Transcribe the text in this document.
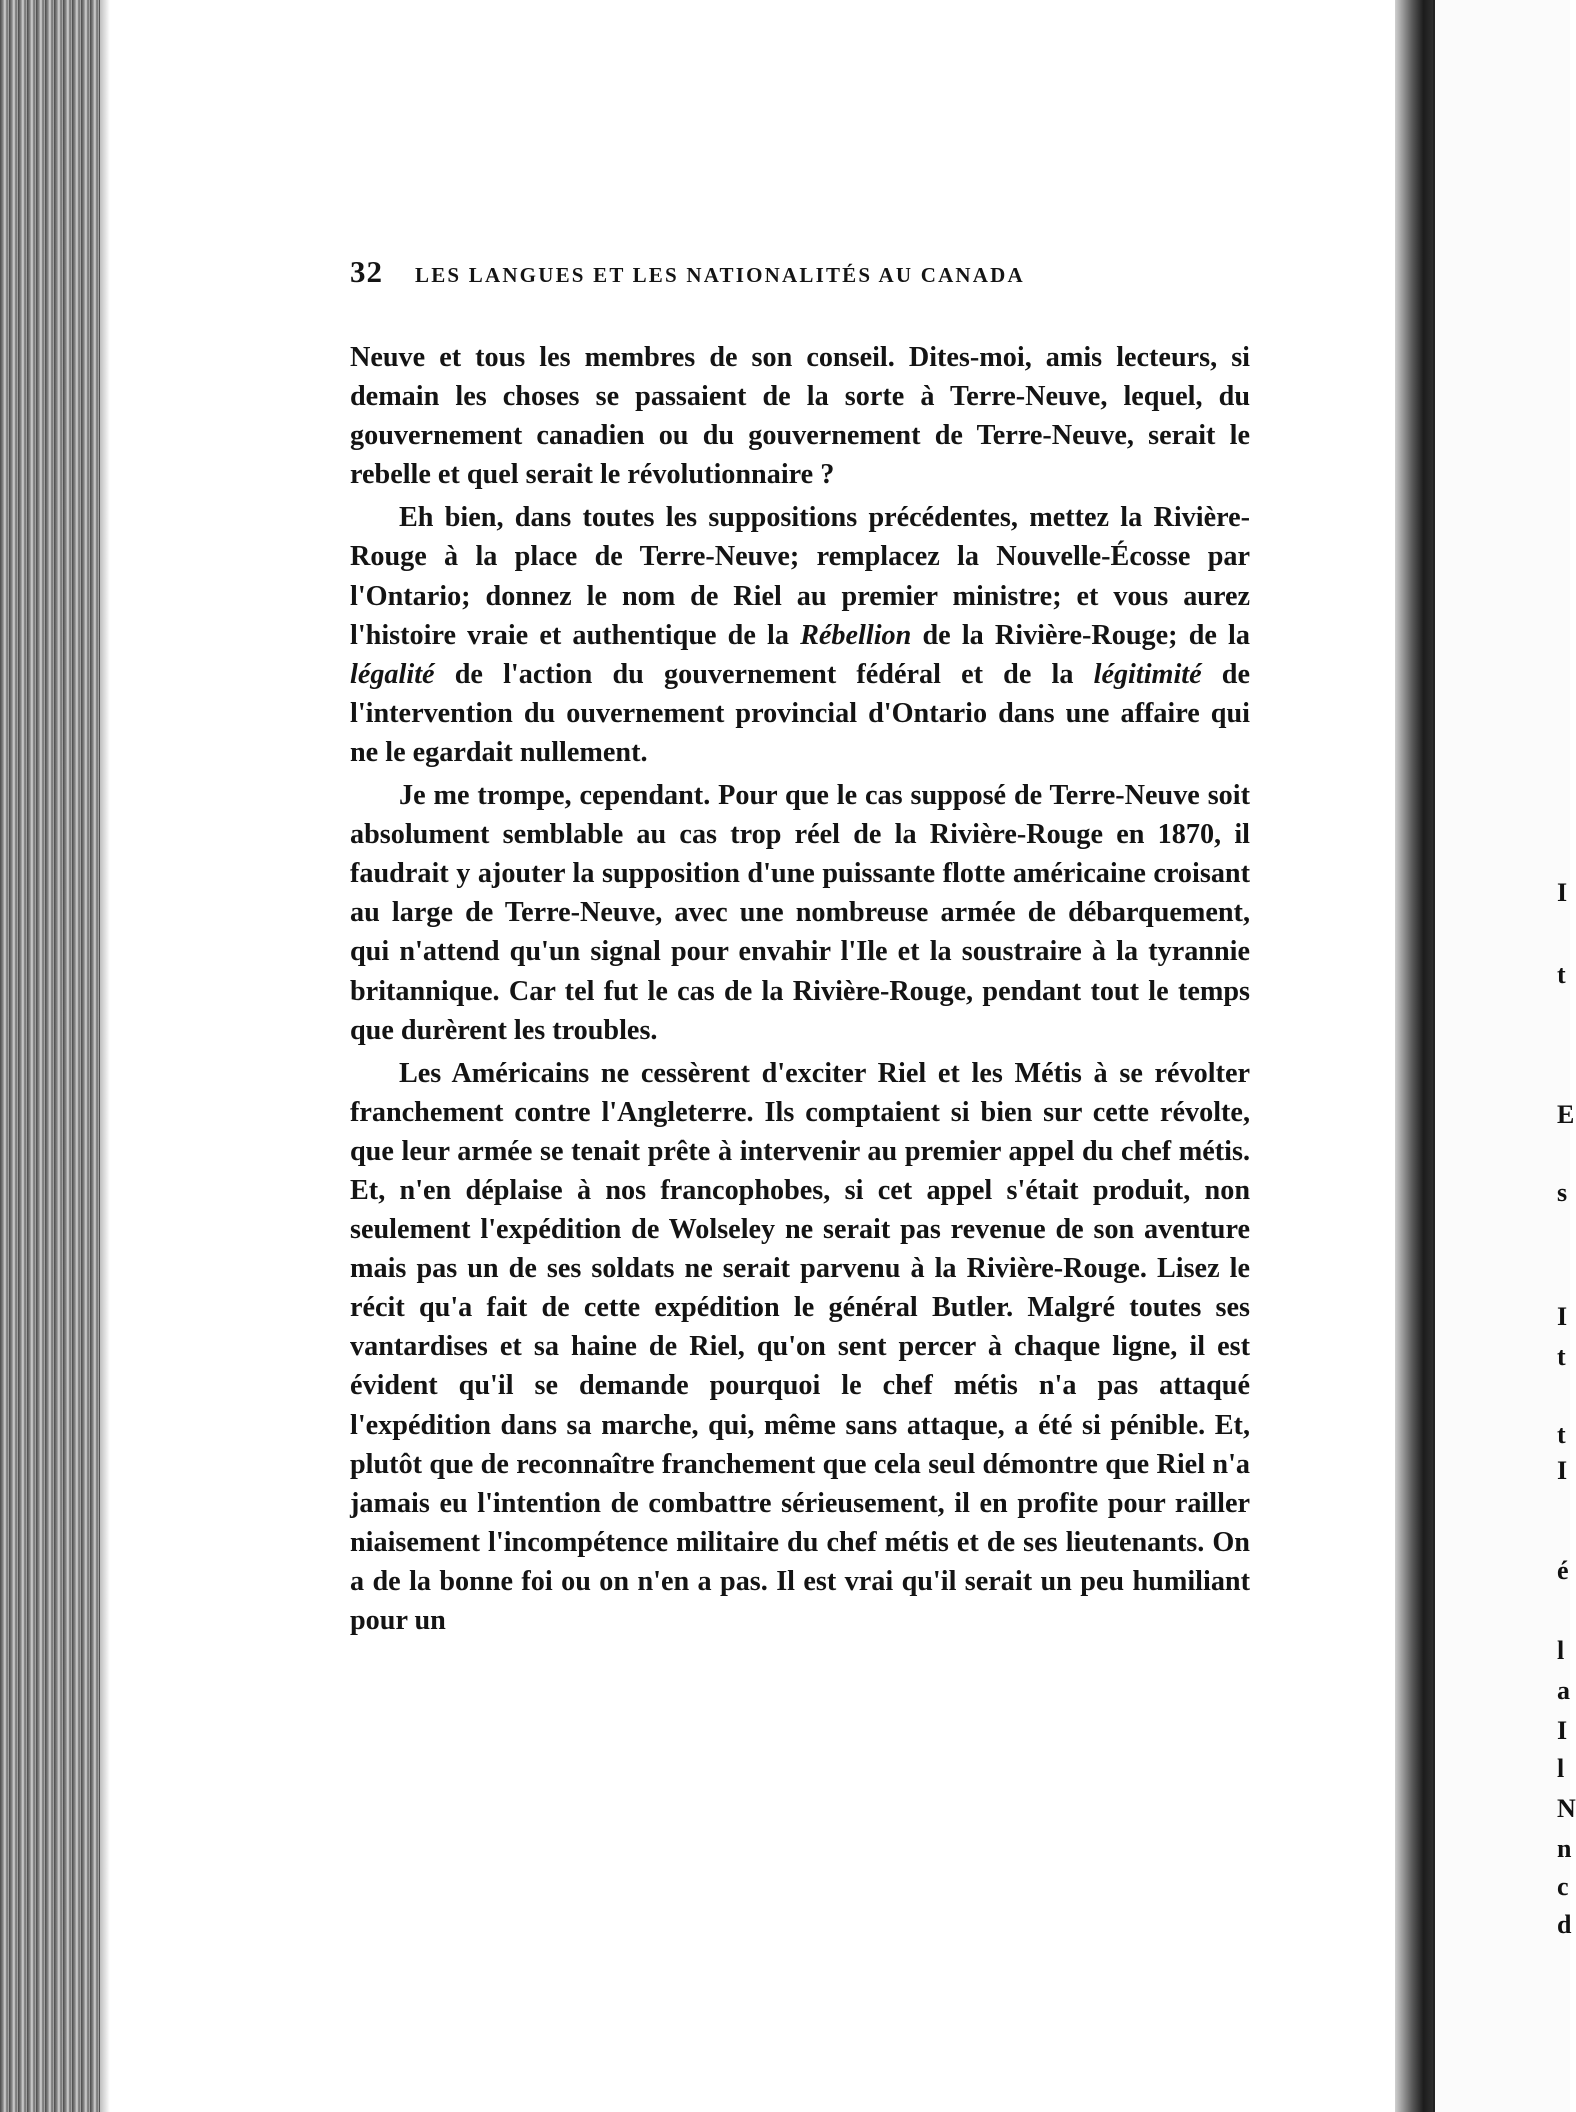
I
t
E
s
I
t
t
I
é
l
a
I
l
N
n
c
d
32 LES LANGUES ET LES NATIONALITÉS AU CANADA

Neuve et tous les membres de son conseil. Dites-moi, amis lecteurs, si demain les choses se passaient de la sorte à Terre-Neuve, lequel, du gouvernement canadien ou du gouvernement de Terre-Neuve, serait le rebelle et quel serait le révolutionnaire ?

Eh bien, dans toutes les suppositions précédentes, mettez la Rivière-Rouge à la place de Terre-Neuve; remplacez la Nouvelle-Écosse par l'Ontario; donnez le nom de Riel au premier ministre; et vous aurez l'histoire vraie et authentique de la Rébellion de la Rivière-Rouge; de la légalité de l'action du gouvernement fédéral et de la légitimité de l'intervention du ouvernement provincial d'Ontario dans une affaire qui ne le egardait nullement.

Je me trompe, cependant. Pour que le cas supposé de Terre-Neuve soit absolument semblable au cas trop réel de la Rivière-Rouge en 1870, il faudrait y ajouter la supposition d'une puissante flotte américaine croisant au large de Terre-Neuve, avec une nombreuse armée de débarquement, qui n'attend qu'un signal pour envahir l'Ile et la soustraire à la tyrannie britannique. Car tel fut le cas de la Rivière-Rouge, pendant tout le temps que durèrent les troubles.

Les Américains ne cessèrent d'exciter Riel et les Métis à se révolter franchement contre l'Angleterre. Ils comptaient si bien sur cette révolte, que leur armée se tenait prête à intervenir au premier appel du chef métis. Et, n'en déplaise à nos francophobes, si cet appel s'était produit, non seulement l'expédition de Wolseley ne serait pas revenue de son aventure mais pas un de ses soldats ne serait parvenu à la Rivière-Rouge. Lisez le récit qu'a fait de cette expédition le général Butler. Malgré toutes ses vantardises et sa haine de Riel, qu'on sent percer à chaque ligne, il est évident qu'il se demande pourquoi le chef métis n'a pas attaqué l'expédition dans sa marche, qui, même sans attaque, a été si pénible. Et, plutôt que de reconnaître franchement que cela seul démontre que Riel n'a jamais eu l'intention de combattre sérieusement, il en profite pour railler niaisement l'incompétence militaire du chef métis et de ses lieutenants. On a de la bonne foi ou on n'en a pas. Il est vrai qu'il serait un peu humiliant pour un
